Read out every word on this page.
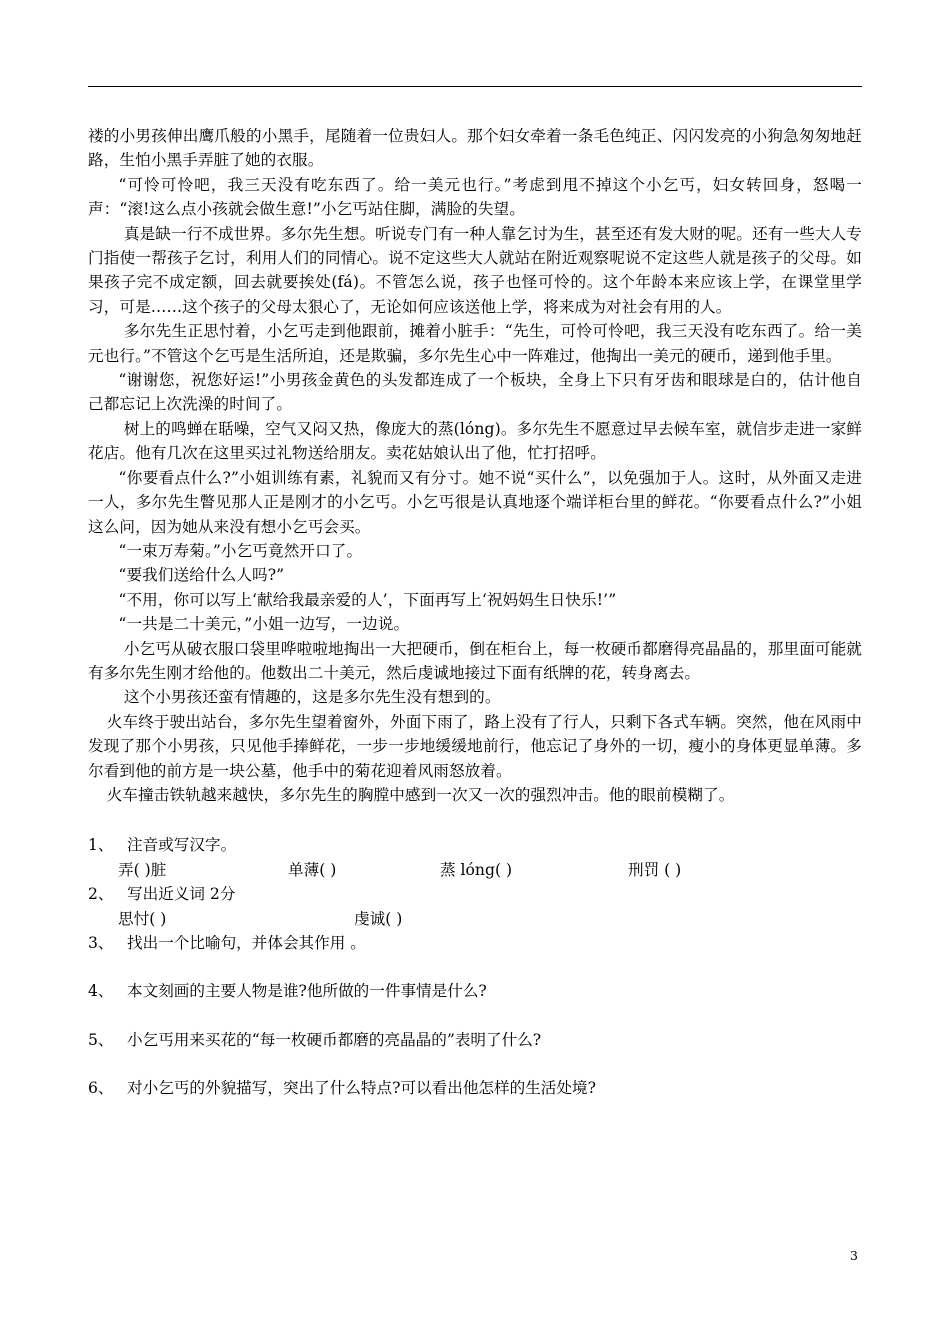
褛的小男孩伸出鹰爪般的小黑手，尾随着一位贵妇人。那个妇女牵着一条毛色纯正、闪闪发亮的小狗急匆匆地赶路，生怕小黑手弄脏了她的衣服。

“可怜可怜吧，我三天没有吃东西了。给一美元也行。”考虑到甩不掉这个小乞丐，妇女转回身，怒喝一声：“滚!这么点小孩就会做生意!”小乞丐站住脚，满脸的失望。

真是缺一行不成世界。多尔先生想。听说专门有一种人靠乞讨为生，甚至还有发大财的呢。还有一些大人专门指使一帮孩子乞讨，利用人们的同情心。说不定这些大人就站在附近观察呢说不定这些人就是孩子的父母。如果孩子完不成定额，回去就要挨处(fá)。不管怎么说，孩子也怪可怜的。这个年龄本来应该上学，在课堂里学习，可是……这个孩子的父母太狠心了，无论如何应该送他上学，将来成为对社会有用的人。

多尔先生正思忖着，小乞丐走到他跟前，摊着小脏手：“先生，可怜可怜吧，我三天没有吃东西了。给一美元也行。”不管这个乞丐是生活所迫，还是欺骗，多尔先生心中一阵难过，他掏出一美元的硬币，递到他手里。

“谢谢您，祝您好运!”小男孩金黄色的头发都连成了一个板块，全身上下只有牙齿和眼球是白的，估计他自己都忘记上次洗澡的时间了。

树上的鸣蝉在聒噪，空气又闷又热，像庞大的蒸(lóng)。多尔先生不愿意过早去候车室，就信步走进一家鲜花店。他有几次在这里买过礼物送给朋友。卖花姑娘认出了他，忙打招呼。

“你要看点什么?”小姐训练有素，礼貌而又有分寸。她不说“买什么”，以免强加于人。这时，从外面又走进一人，多尔先生瞥见那人正是刚才的小乞丐。小乞丐很是认真地逐个端详柜台里的鲜花。“你要看点什么?”小姐这么问，因为她从来没有想小乞丐会买。

“一束万寿菊。”小乞丐竟然开口了。

“要我们送给什么人吗?”

“不用，你可以写上‘献给我最亲爱的人’，下面再写上‘祝妈妈生日快乐!’”

“一共是二十美元，”小姐一边写，一边说。

小乞丐从破衣服口袋里哗啦啦地掏出一大把硬币，倒在柜台上，每一枚硬币都磨得亮晶晶的，那里面可能就有多尔先生刚才给他的。他数出二十美元，然后虔诚地接过下面有纸牌的花，转身离去。

这个小男孩还蛮有情趣的，这是多尔先生没有想到的。

火车终于驶出站台，多尔先生望着窗外，外面下雨了，路上没有了行人，只剩下各式车辆。突然，他在风雨中发现了那个小男孩，只见他手捧鲜花，一步一步地缓缓地前行，他忘记了身外的一切，瘦小的身体更显单薄。多尔看到他的前方是一块公墓，他手中的菊花迎着风雨怒放着。

火车撞击铁轨越来越快，多尔先生的胸膛中感到一次又一次的强烈冲击。他的眼前模糊了。

1、 注音或写汉字。
弄( )脏	单薄( )	蒸 lóng( )	刑罚 ( )
2、 写出近义词 2分
思忖( )	虔诚( )
3、 找出一个比喻句，并体会其作用 。
4、 本文刻画的主要人物是谁?他所做的一件事情是什么?
5、 小乞丐用来买花的“每一枚硬币都磨的亮晶晶的”表明了什么?
6、 对小乞丐的外貌描写，突出了什么特点?可以看出他怎样的生活处境?
3
